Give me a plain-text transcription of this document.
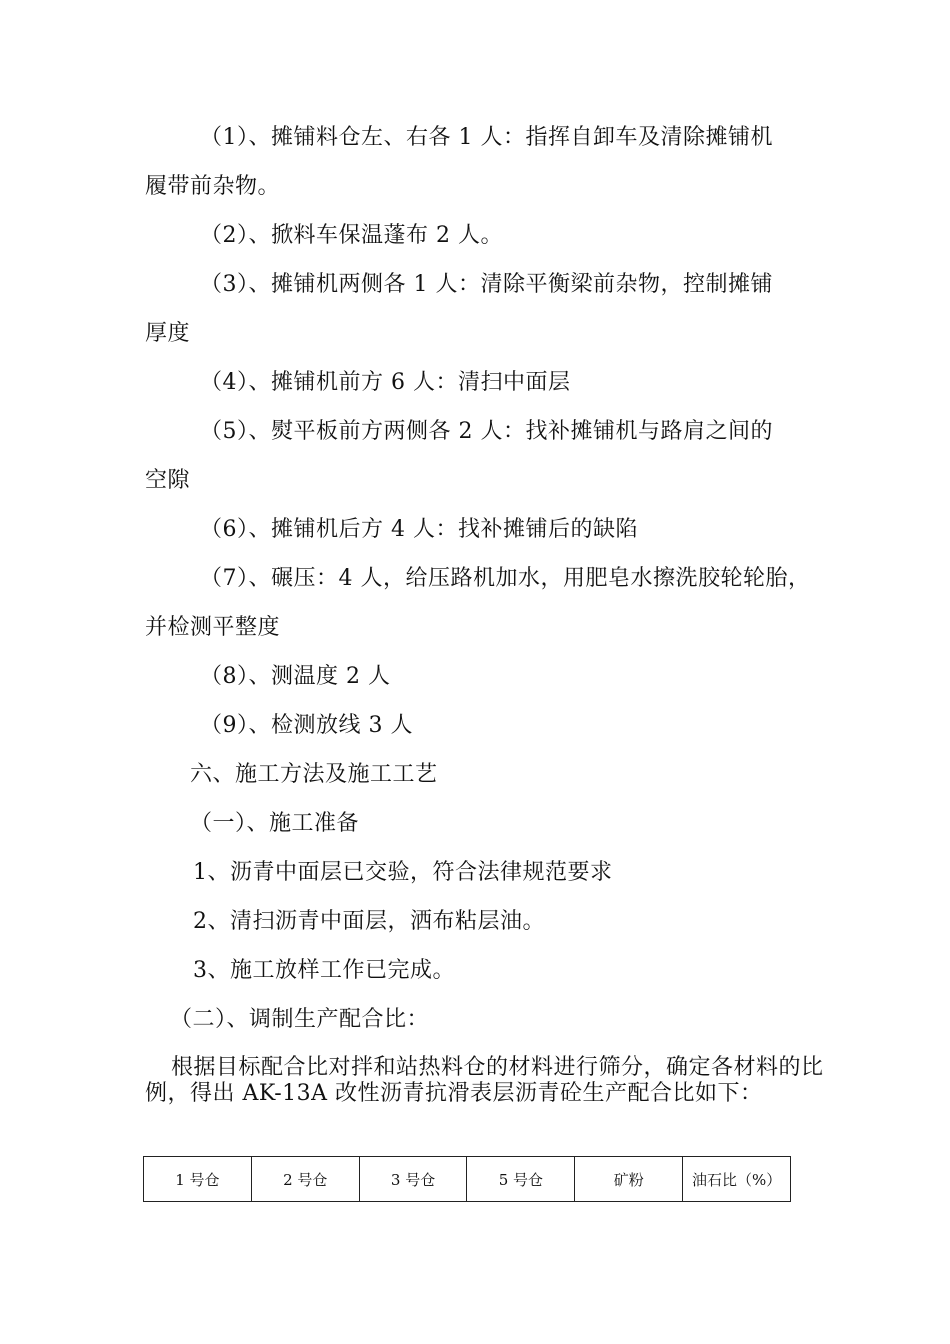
（1）、摊铺料仓左、右各 1 人：指挥自卸车及清除摊铺机
履带前杂物。
（2）、掀料车保温蓬布 2 人。
（3）、摊铺机两侧各 1 人：清除平衡梁前杂物，控制摊铺
厚度
（4）、摊铺机前方 6 人：清扫中面层
（5）、熨平板前方两侧各 2 人：找补摊铺机与路肩之间的
空隙
（6）、摊铺机后方 4 人：找补摊铺后的缺陷
（7）、碾压：4 人，给压路机加水，用肥皂水擦洗胶轮轮胎，
并检测平整度
（8）、测温度 2 人
（9）、检测放线 3 人
六、施工方法及施工工艺
（一）、施工准备
1、沥青中面层已交验，符合法律规范要求
2、清扫沥青中面层，洒布粘层油。
3、施工放样工作已完成。
（二）、调制生产配合比：
根据目标配合比对拌和站热料仓的材料进行筛分，确定各材料的比例，得出 AK-13A 改性沥青抗滑表层沥青砼生产配合比如下：
1 号仓	2 号仓	3 号仓	5 号仓	矿粉	油石比（%）
